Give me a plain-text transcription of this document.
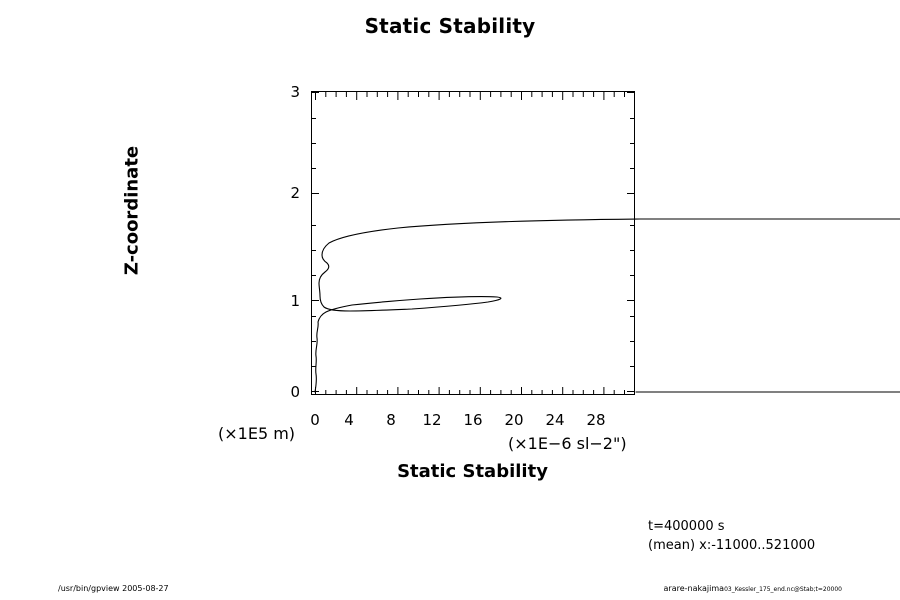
Static Stability
0
1
2
3
0	4	8	12	16	20	24	28
Z-coordinate
(×1E5 m)
(×1E−6 sl−2")
Static Stability
t=400000 s
(mean) x:-11000..521000
/usr/bin/gpview 2005-08-27	arare-nakajima03_Kessler_175_end.nc@Stab;t=20000
